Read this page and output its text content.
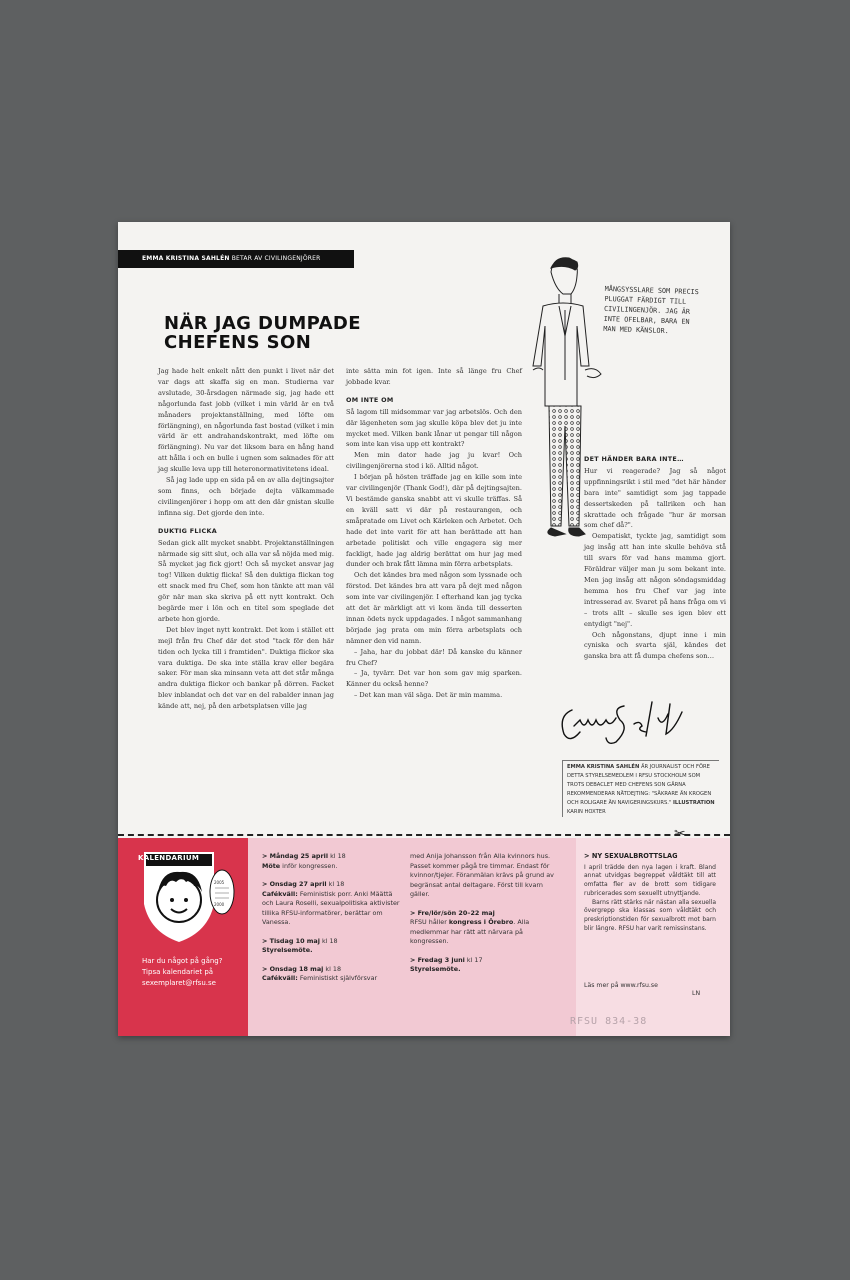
EMMA KRISTINA SAHLÉN BETAR AV CIVILINGENJÖRER
NÄR JAG DUMPADE
CHEFENS SON
MÅNGSYSSLARE SOM PRECIS
PLUGGAT FÄRDIGT TILL
CIVILINGENJÖR. JAG ÄR
INTE OFELBAR, BARA EN
MAN MED KÄNSLOR.

Jag hade helt enkelt nått den punkt i livet när det var dags att skaffa sig en man. Studierna var avslutade, 30-årsdagen närmade sig, jag hade ett någorlunda fast jobb (vilket i min värld är en två månaders projektanställning, med löfte om förlängning), en någorlunda fast bostad (vilket i min värld är ett andrahandskontrakt, med löfte om förlängning). Nu var det liksom bara en hång hand att hålla i och en bulle i ugnen som saknades för att jag skulle leva upp till heteronormativitetens ideal.

Så jag lade upp en sida på en av alla dejtingsajter som finns, och började dejta välkammade civilingenjörer i hopp om att den där gnistan skulle infinna sig. Det gjorde den inte.

DUKTIG FLICKA

Sedan gick allt mycket snabbt. Projektanställningen närmade sig sitt slut, och alla var så nöjda med mig. Så mycket jag fick gjort! Och så mycket ansvar jag tog! Vilken duktig flicka! Så den duktiga flickan tog ett snack med fru Chef, som hon tänkte att man väl gör när man ska skriva på ett nytt kontrakt. Och begärde mer i lön och en titel som speglade det arbete hon gjorde.

Det blev inget nytt kontrakt. Det kom i stället ett mejl från fru Chef där det stod "tack för den här tiden och lycka till i framtiden". Duktiga flickor ska vara duktiga. De ska inte ställa krav eller begära saker. För man ska minsann veta att det står många andra duktiga flickor och bankar på dörren. Facket blev inblandat och det var en del rabalder innan jag kände att, nej, på den arbetsplatsen ville jag

inte sätta min fot igen. Inte så länge fru Chef jobbade kvar.

OM INTE OM

Så lagom till midsommar var jag arbetslös. Och den där lägenheten som jag skulle köpa blev det ju inte mycket med. Vilken bank lånar ut pengar till någon som inte kan visa upp ett kontrakt?

Men min dator hade jag ju kvar! Och civilingenjörerna stod i kö. Alltid något.

I början på hösten träffade jag en kille som inte var civilingenjör (Thank God!), där på dejtingsajten. Vi bestämde ganska snabbt att vi skulle träffas. Så en kväll satt vi där på restaurangen, och småpratade om Livet och Kärleken och Arbetet. Och hade det inte varit för att han berättade att han arbetade politiskt och ville engagera sig mer fackligt, hade jag aldrig berättat om hur jag med dunder och brak fått lämna min förra arbetsplats.

Och det kändes bra med någon som lyssnade och förstod. Det kändes bra att vara på dejt med någon som inte var civilingenjör. I efterhand kan jag tycka att det är märkligt att vi kom ända till desserten innan ödets nyck uppdagades. I något sammanhang började jag prata om min förra arbetsplats och nämner den vid namn.

– Jaha, har du jobbat där! Då kanske du känner fru Chef?

– Ja, tyvärr. Det var hon som gav mig sparken. Känner du också henne?

– Det kan man väl säga. Det är min mamma.

DET HÄNDER BARA INTE…

Hur vi reagerade? Jag så något uppfinningsrikt i stil med "det här händer bara inte" samtidigt som jag tappade dessertskeden på tallriken och han skrattade och frågade "hur är morsan som chef då?".

Oempatiskt, tyckte jag, samtidigt som jag insåg att han inte skulle behöva stå till svars för vad hans mamma gjort. Föräldrar väljer man ju som bekant inte. Men jag insåg att någon söndagsmiddag hemma hos fru Chef var jag inte intresserad av. Svaret på hans fråga om vi – trots allt – skulle ses igen blev ett entydigt "nej".

Och någonstans, djupt inne i min cyniska och svarta själ, kändes det ganska bra att få dumpa chefens son…

EMMA KRISTINA SAHLÉN ÄR JOURNALIST OCH FÖRE DETTA STYRELSEMEDLEM I RFSU STOCKHOLM SOM TROTS DEBACLET MED CHEFENS SON GÄRNA REKOMMENDERAR NÄTDEJTING: "SÄKRARE ÄN KROGEN OCH ROLIGARE ÄN NAVIGERINGSKURS." ILLUSTRATION KARIN HOXTER
KALENDARIUM
2005
2000
Har du något på gång?
Tipsa kalendariet på
sexemplaret@rfsu.se
✂

> Måndag 25 april kl 18
Möte inför kongressen.

> Onsdag 27 april kl 18
Cafékväll: Feministisk porr. Anki Määttä och Laura Roselli, sexualpolitiska aktivister tillika RFSU-informatörer, berättar om Vanessa.

> Tisdag 10 maj kl 18
Styrelsemöte.

> Onsdag 18 maj kl 18
Cafékväll: Feministiskt självförsvar

med Anija Johansson från Alla kvinnors hus. Passet kommer pågå tre timmar. Endast för kvinnor/tjejer. Föranmälan krävs på grund av begränsat antal deltagare. Först till kvarn gäller.

> Fre/lör/sön 20–22 maj
RFSU håller kongress i Örebro. Alla medlemmar har rätt att närvara på kongressen.

> Fredag 3 juni kl 17
Styrelsemöte.

> NY SEXUALBROTTSLAG
I april trädde den nya lagen i kraft. Bland annat utvidgas begreppet våldtäkt till att omfatta fler av de brott som tidigare rubricerades som sexuellt utnyttjande.
Barns rätt stärks när nästan alla sexuella övergrepp ska klassas som våldtäkt och preskriptionstiden för sexualbrott mot barn blir längre. RFSU har varit remissinstans.
Läs mer på www.rfsu.se
LN
RFSU 834-38
